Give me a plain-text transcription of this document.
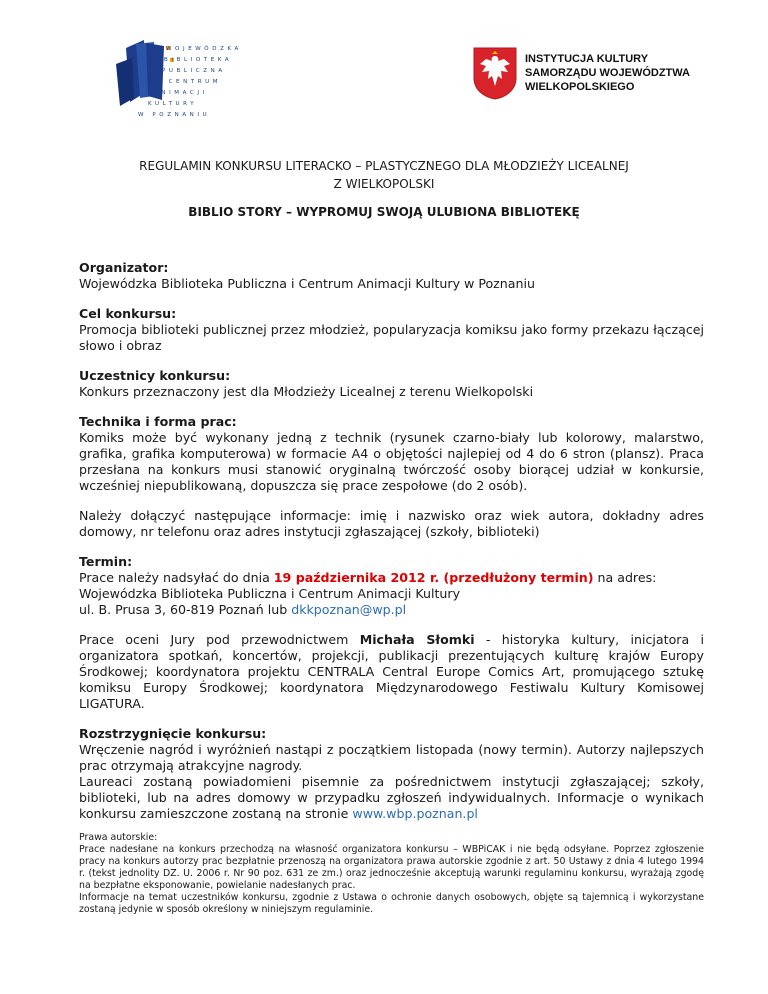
WOJEWÓDZKA
BIBLIOTEKA
PUBLICZNA
I CENTRUM
ANIMACJI
KULTURY
W POZNANIU
INSTYTUCJA KULTURY
SAMORZĄDU WOJEWÓDZTWA
WIELKOPOLSKIEGO
REGULAMIN KONKURSU LITERACKO – PLASTYCZNEGO DLA MŁODZIEŻY LICEALNEJ
Z WIELKOPOLSKI
BIBLIO STORY – WYPROMUJ SWOJĄ ULUBIONA BIBLIOTEKĘ
Organizator:
Wojewódzka Biblioteka Publiczna i Centrum Animacji Kultury w Poznaniu
Cel konkursu:
Promocja biblioteki publicznej przez młodzież, popularyzacja komiksu jako formy przekazu łączącej słowo i obraz
Uczestnicy konkursu:
Konkurs przeznaczony jest dla Młodzieży Licealnej z terenu Wielkopolski
Technika i forma prac:
Komiks może być wykonany jedną z technik (rysunek czarno-biały lub kolorowy, malarstwo, grafika, grafika komputerowa) w formacie A4 o objętości najlepiej od 4 do 6 stron (plansz). Praca przesłana na konkurs musi stanowić oryginalną twórczość osoby biorącej udział w konkursie, wcześniej niepublikowaną, dopuszcza się prace zespołowe (do 2 osób).
Należy dołączyć następujące informacje: imię i nazwisko oraz wiek autora, dokładny adres domowy, nr telefonu oraz adres instytucji zgłaszającej (szkoły, biblioteki)
Termin:
Prace należy nadsyłać do dnia 19 października 2012 r. (przedłużony termin) na adres:
Wojewódzka Biblioteka Publiczna i Centrum Animacji Kultury
ul. B. Prusa 3, 60-819 Poznań lub dkkpoznan@wp.pl
Prace oceni Jury pod przewodnictwem Michała Słomki - historyka kultury, inicjatora i organizatora spotkań, koncertów, projekcji, publikacji prezentujących kulturę krajów Europy Środkowej; koordynatora projektu CENTRALA Central Europe Comics Art, promującego sztukę komiksu Europy Środkowej; koordynatora Międzynarodowego Festiwalu Kultury Komisowej LIGATURA.
Rozstrzygnięcie konkursu:
Wręczenie nagród i wyróżnień nastąpi z początkiem listopada (nowy termin). Autorzy najlepszych prac otrzymają atrakcyjne nagrody.
Laureaci zostaną powiadomieni pisemnie za pośrednictwem instytucji zgłaszającej; szkoły, biblioteki, lub na adres domowy w przypadku zgłoszeń indywidualnych. Informacje o wynikach konkursu zamieszczone zostaną na stronie www.wbp.poznan.pl
Prawa autorskie:
Prace nadesłane na konkurs przechodzą na własność organizatora konkursu – WBPiCAK i nie będą odsyłane. Poprzez zgłoszenie pracy na konkurs autorzy prac bezpłatnie przenoszą na organizatora prawa autorskie zgodnie z art. 50 Ustawy z dnia 4 lutego 1994 r. (tekst jednolity DZ. U. 2006 r. Nr 90 poz. 631 ze zm.) oraz jednocześnie akceptują warunki regulaminu konkursu, wyrażają zgodę na bezpłatne eksponowanie, powielanie nadesłanych prac.
Informacje na temat uczestników konkursu, zgodnie z Ustawa o ochronie danych osobowych, objęte są tajemnicą i wykorzystane zostaną jedynie w sposób określony w niniejszym regulaminie.
